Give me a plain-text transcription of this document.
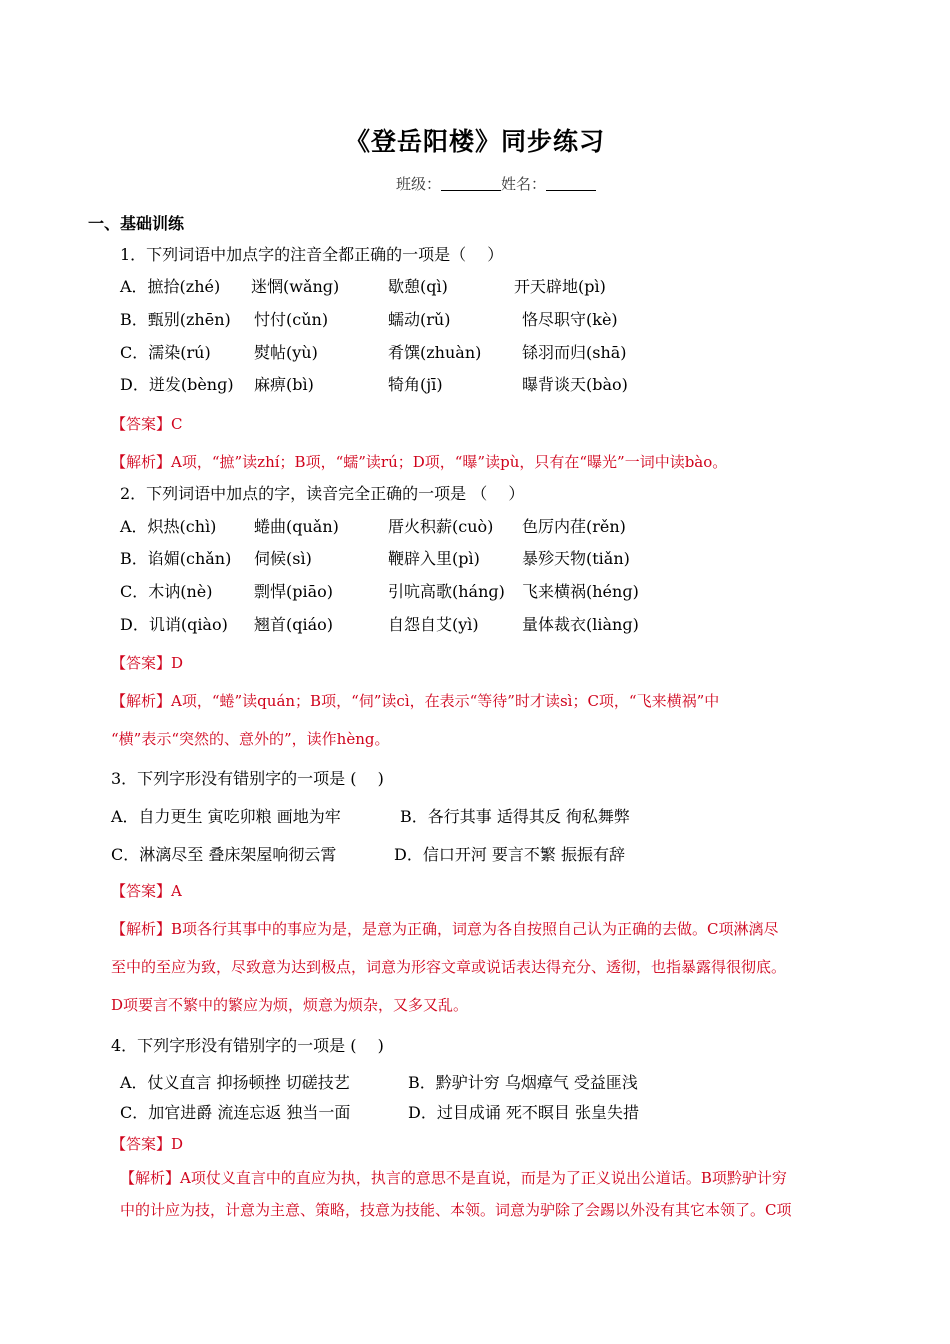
《登岳阳楼》同步练习
班级：	姓名：
一、基础训练
1．下列词语中加点字的注音全都正确的一项是（　 ）
A．摭拾(zhé) 迷惘(wǎnɡ)	歇憩(qì)	开天辟地(pì)
B．甄别(zhēn) 忖付(cǔn)	蠕动(rǔ)	恪尽职守(kè)
C．濡染(rú)	熨帖(yù)	肴馔(zhuàn)	铩羽而归(shā)
D．迸发(bènɡ) 麻痹(bì)	犄角(jī)	曝背谈天(bào)
【答案】C
【解析】A项，“摭”读zhí；B项，“蠕”读rú；D项，“曝”读pù，只有在“曝光”一词中读bào。
2．下列词语中加点的字，读音完全正确的一项是 （　 ）
A．炽热(chì) 蜷曲(quǎn)	厝火积薪(cuò) 色厉内荏(rěn)
B．谄媚(chǎn) 伺候(sì)	鞭辟入里(pì)	暴殄天物(tiǎn)
C．木讷(nè)	剽悍(piāo)	引吭高歌(hánɡ) 飞来横祸(hénɡ)
D．讥诮(qiào) 翘首(qiáo)	自怨自艾(yì)	量体裁衣(liànɡ)
【答案】D
【解析】A项，“蜷”读quán；B项，“伺”读cì，在表示“等待”时才读sì；C项，“飞来横祸”中
“横”表示“突然的、意外的”，读作hèng。
3．下列字形没有错别字的一项是 (　 )
A．自力更生 寅吃卯粮 画地为牢	B．各行其事 适得其反 徇私舞弊
C．淋漓尽至 叠床架屋响彻云霄	D．信口开河 要言不繁 振振有辞
【答案】A
【解析】B项各行其事中的事应为是，是意为正确，词意为各自按照自己认为正确的去做。C项淋漓尽
至中的至应为致，尽致意为达到极点，词意为形容文章或说话表达得充分、透彻，也指暴露得很彻底。
D项要言不繁中的繁应为烦，烦意为烦杂，又多又乱。
4．下列字形没有错别字的一项是 (　 )
A．仗义直言 抑扬顿挫 切磋技艺	B．黔驴计穷 乌烟瘴气 受益匪浅
C．加官进爵 流连忘返 独当一面	D．过目成诵 死不瞑目 张皇失措
【答案】D
【解析】A项仗义直言中的直应为执，执言的意思不是直说，而是为了正义说出公道话。B项黔驴计穷
中的计应为技，计意为主意、策略，技意为技能、本领。词意为驴除了会踢以外没有其它本领了。C项
